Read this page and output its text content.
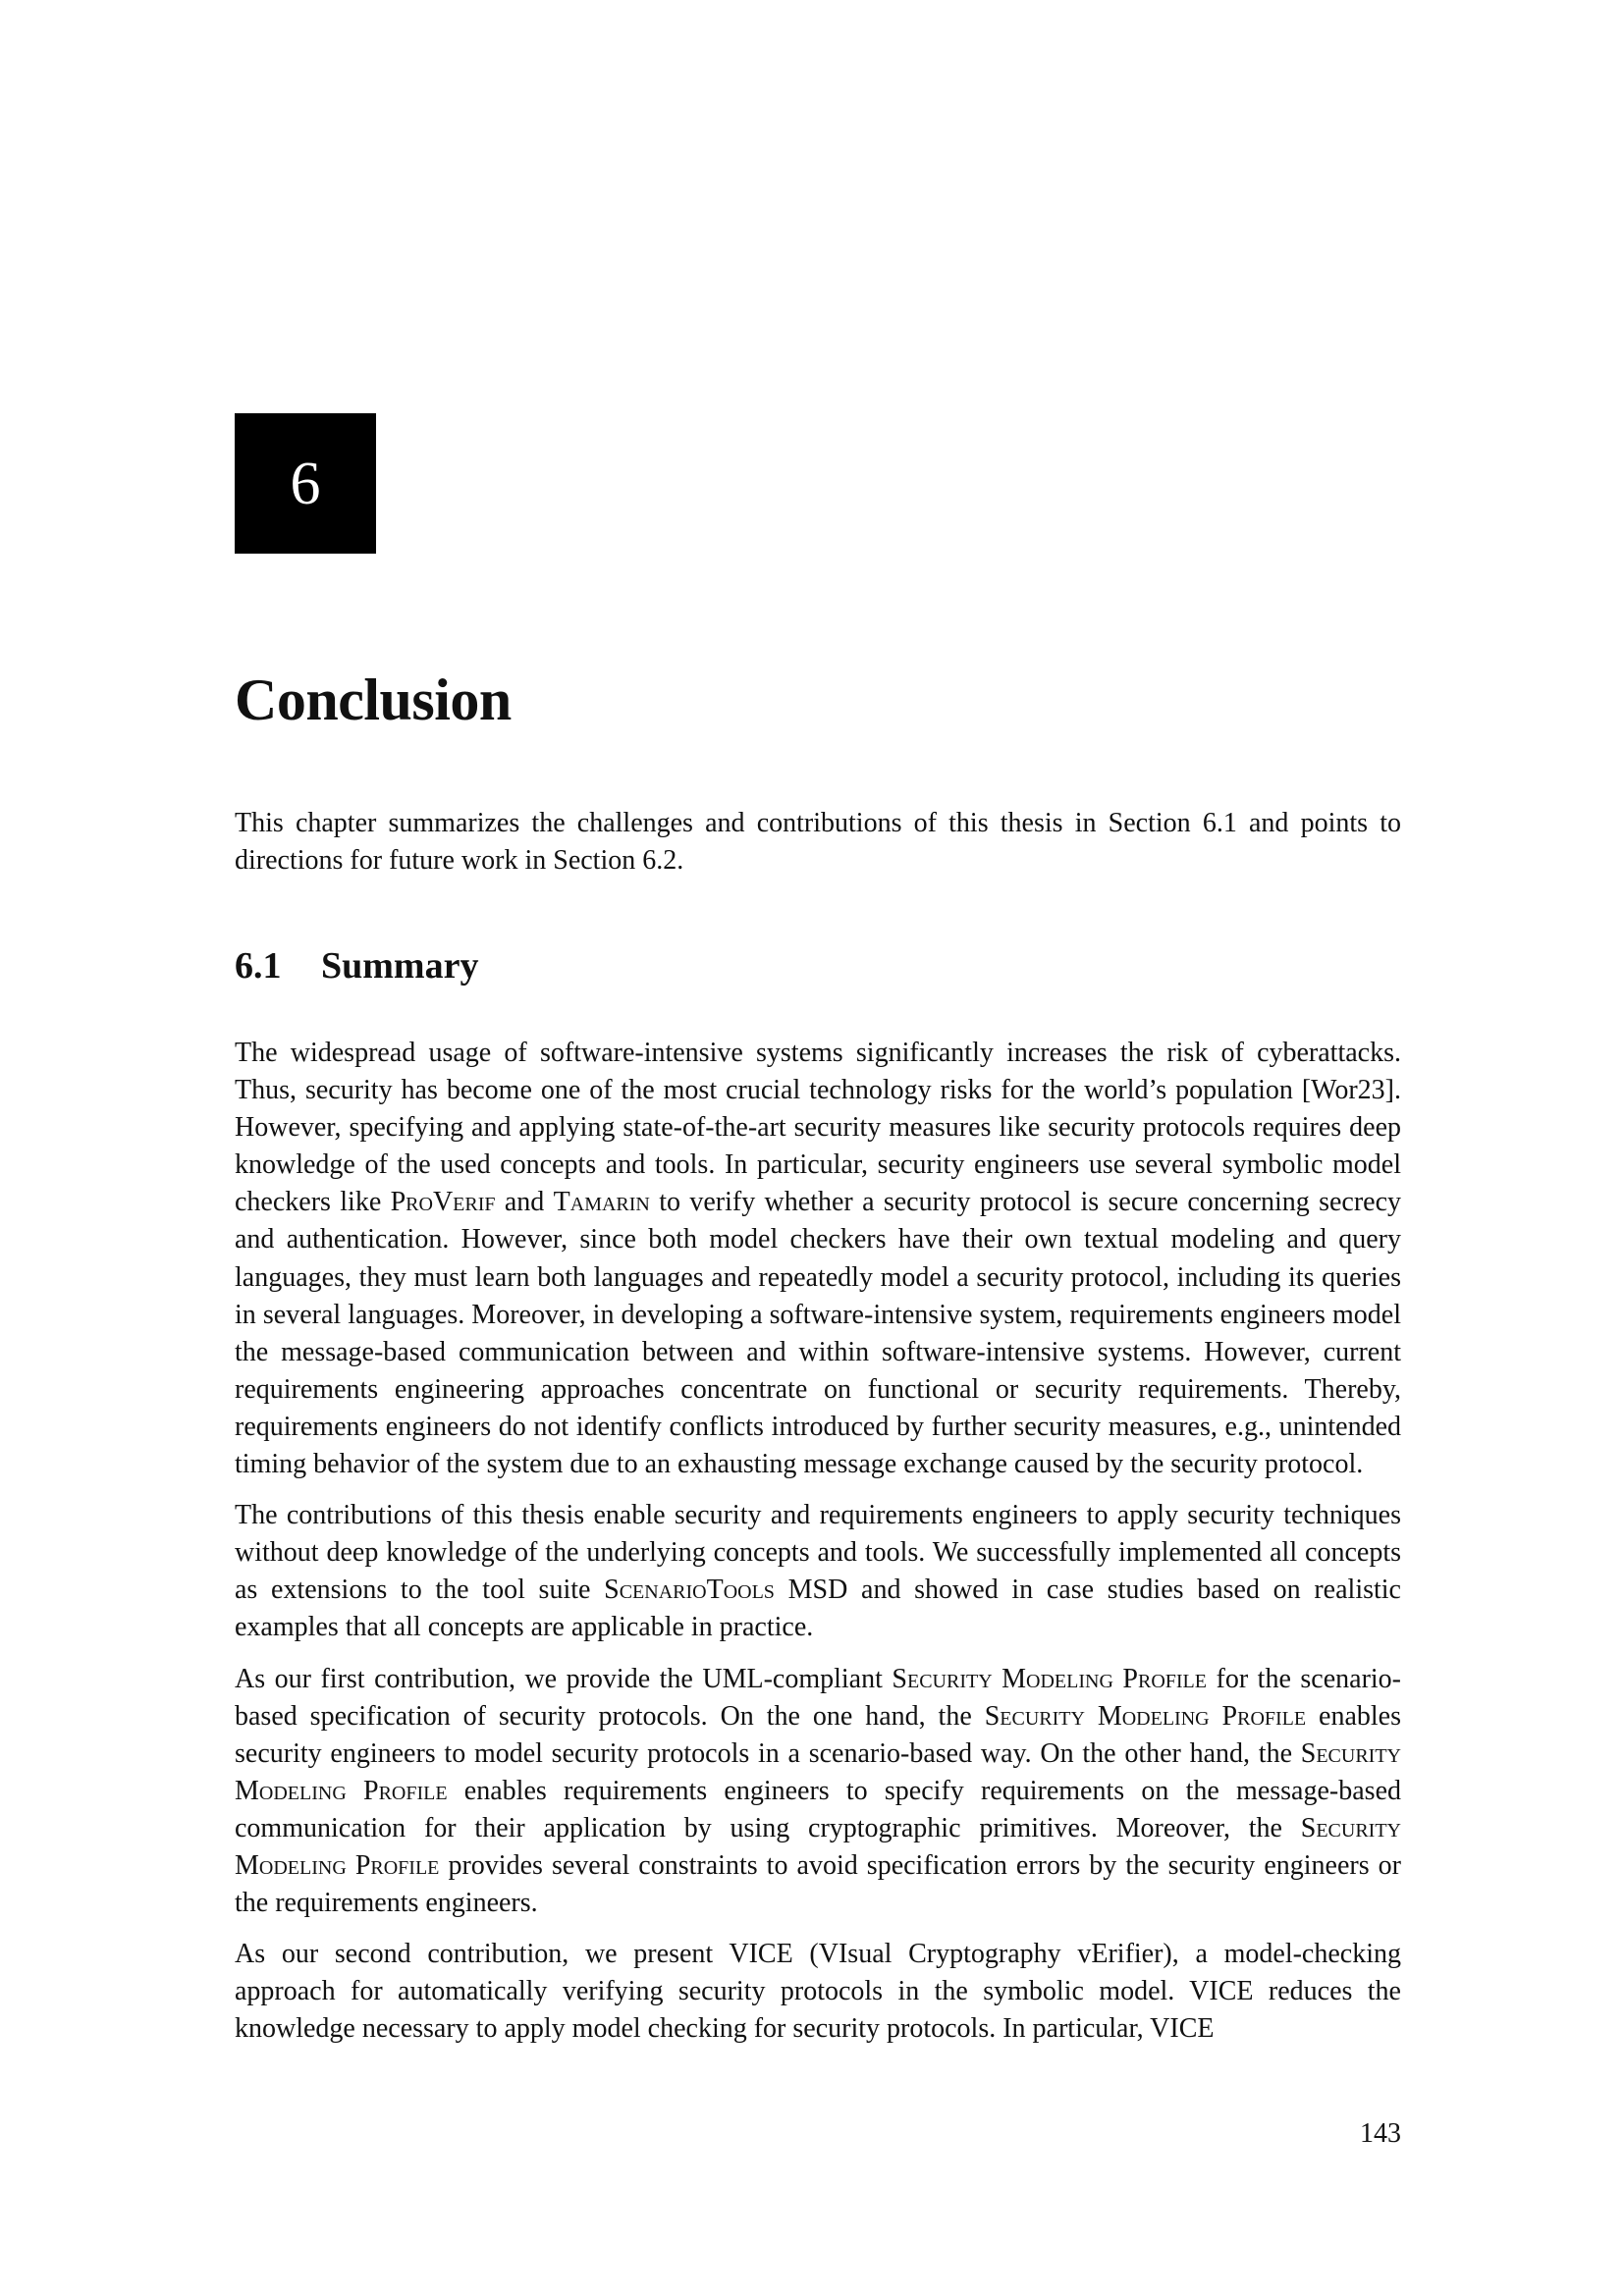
6
Conclusion

This chapter summarizes the challenges and contributions of this thesis in Section 6.1 and points to directions for future work in Section 6.2.

6.1 Summary

The widespread usage of software-intensive systems significantly increases the risk of cyberattacks. Thus, security has become one of the most crucial technology risks for the world’s population [Wor23]. However, specifying and applying state-of-the-art security measures like security protocols requires deep knowledge of the used concepts and tools. In particular, security engineers use several symbolic model checkers like ProVerif and Tamarin to verify whether a security protocol is secure concerning secrecy and authentication. However, since both model checkers have their own textual modeling and query languages, they must learn both languages and repeatedly model a security protocol, including its queries in several languages. Moreover, in developing a software-intensive system, requirements engineers model the message-based communication between and within software-intensive systems. However, current requirements engineering approaches concentrate on functional or security requirements. Thereby, requirements engineers do not identify conflicts introduced by further security measures, e.g., unintended timing behavior of the system due to an exhausting message exchange caused by the security protocol.

The contributions of this thesis enable security and requirements engineers to apply security techniques without deep knowledge of the underlying concepts and tools. We successfully implemented all concepts as extensions to the tool suite ScenarioTools MSD and showed in case studies based on realistic examples that all concepts are applicable in practice.

As our first contribution, we provide the UML-compliant Security Modeling Profile for the scenario-based specification of security protocols. On the one hand, the Security Modeling Profile enables security engineers to model security protocols in a scenario-based way. On the other hand, the Security Modeling Profile enables requirements engineers to specify requirements on the message-based communication for their application by using cryptographic primitives. Moreover, the Security Modeling Profile provides several constraints to avoid specification errors by the security engineers or the requirements engineers.

As our second contribution, we present VICE (VIsual Cryptography vErifier), a model-checking approach for automatically verifying security protocols in the symbolic model. VICE reduces the knowledge necessary to apply model checking for security protocols. In particular, VICE

143
